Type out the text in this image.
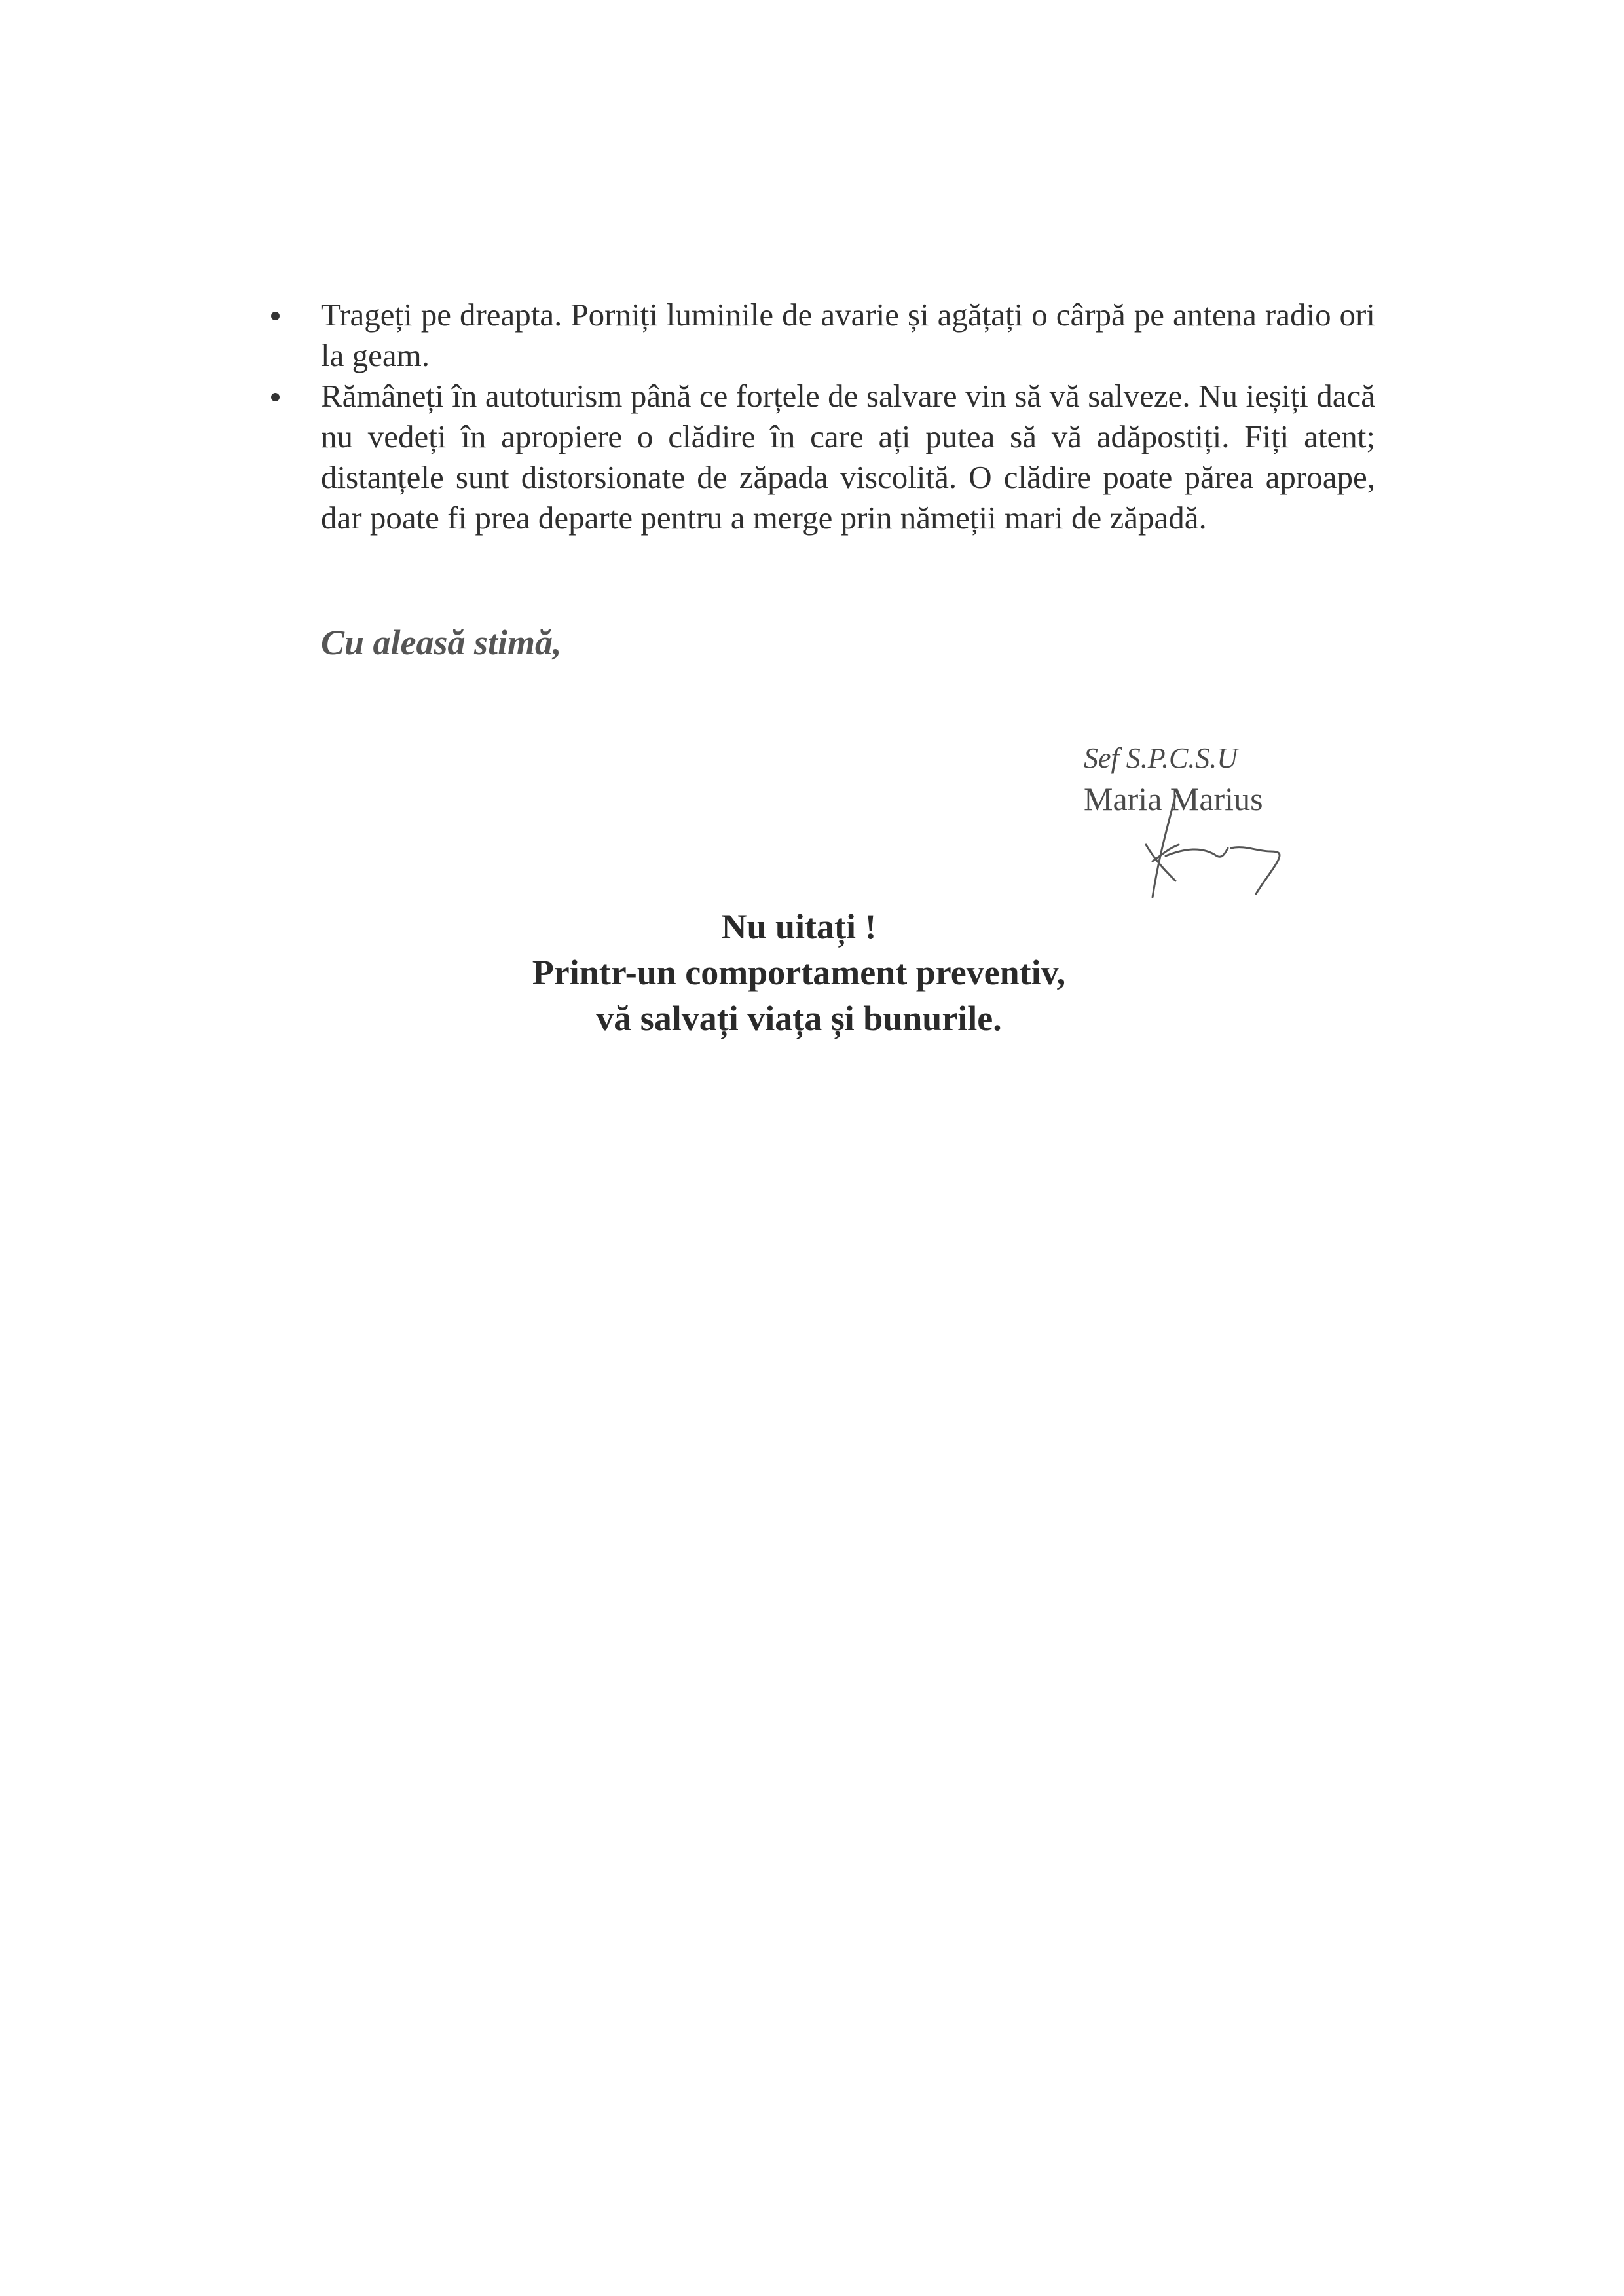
Trageți pe dreapta. Porniți luminile de avarie și agățați o cârpă pe antena radio ori la geam.
Rămâneți în autoturism până ce forțele de salvare vin să vă salveze. Nu ieșiți dacă nu vedeți în apropiere o clădire în care ați putea să vă adăpostiți. Fiți atent; distanțele sunt distorsionate de zăpada viscolită. O clădire poate părea aproape, dar poate fi prea departe pentru a merge prin nămeții mari de zăpadă.

Cu aleasă stimă,

Sef S.P.C.S.U

Maria Marius

Nu uitați !

Printr-un comportament preventiv,

vă salvați viața și bunurile.
